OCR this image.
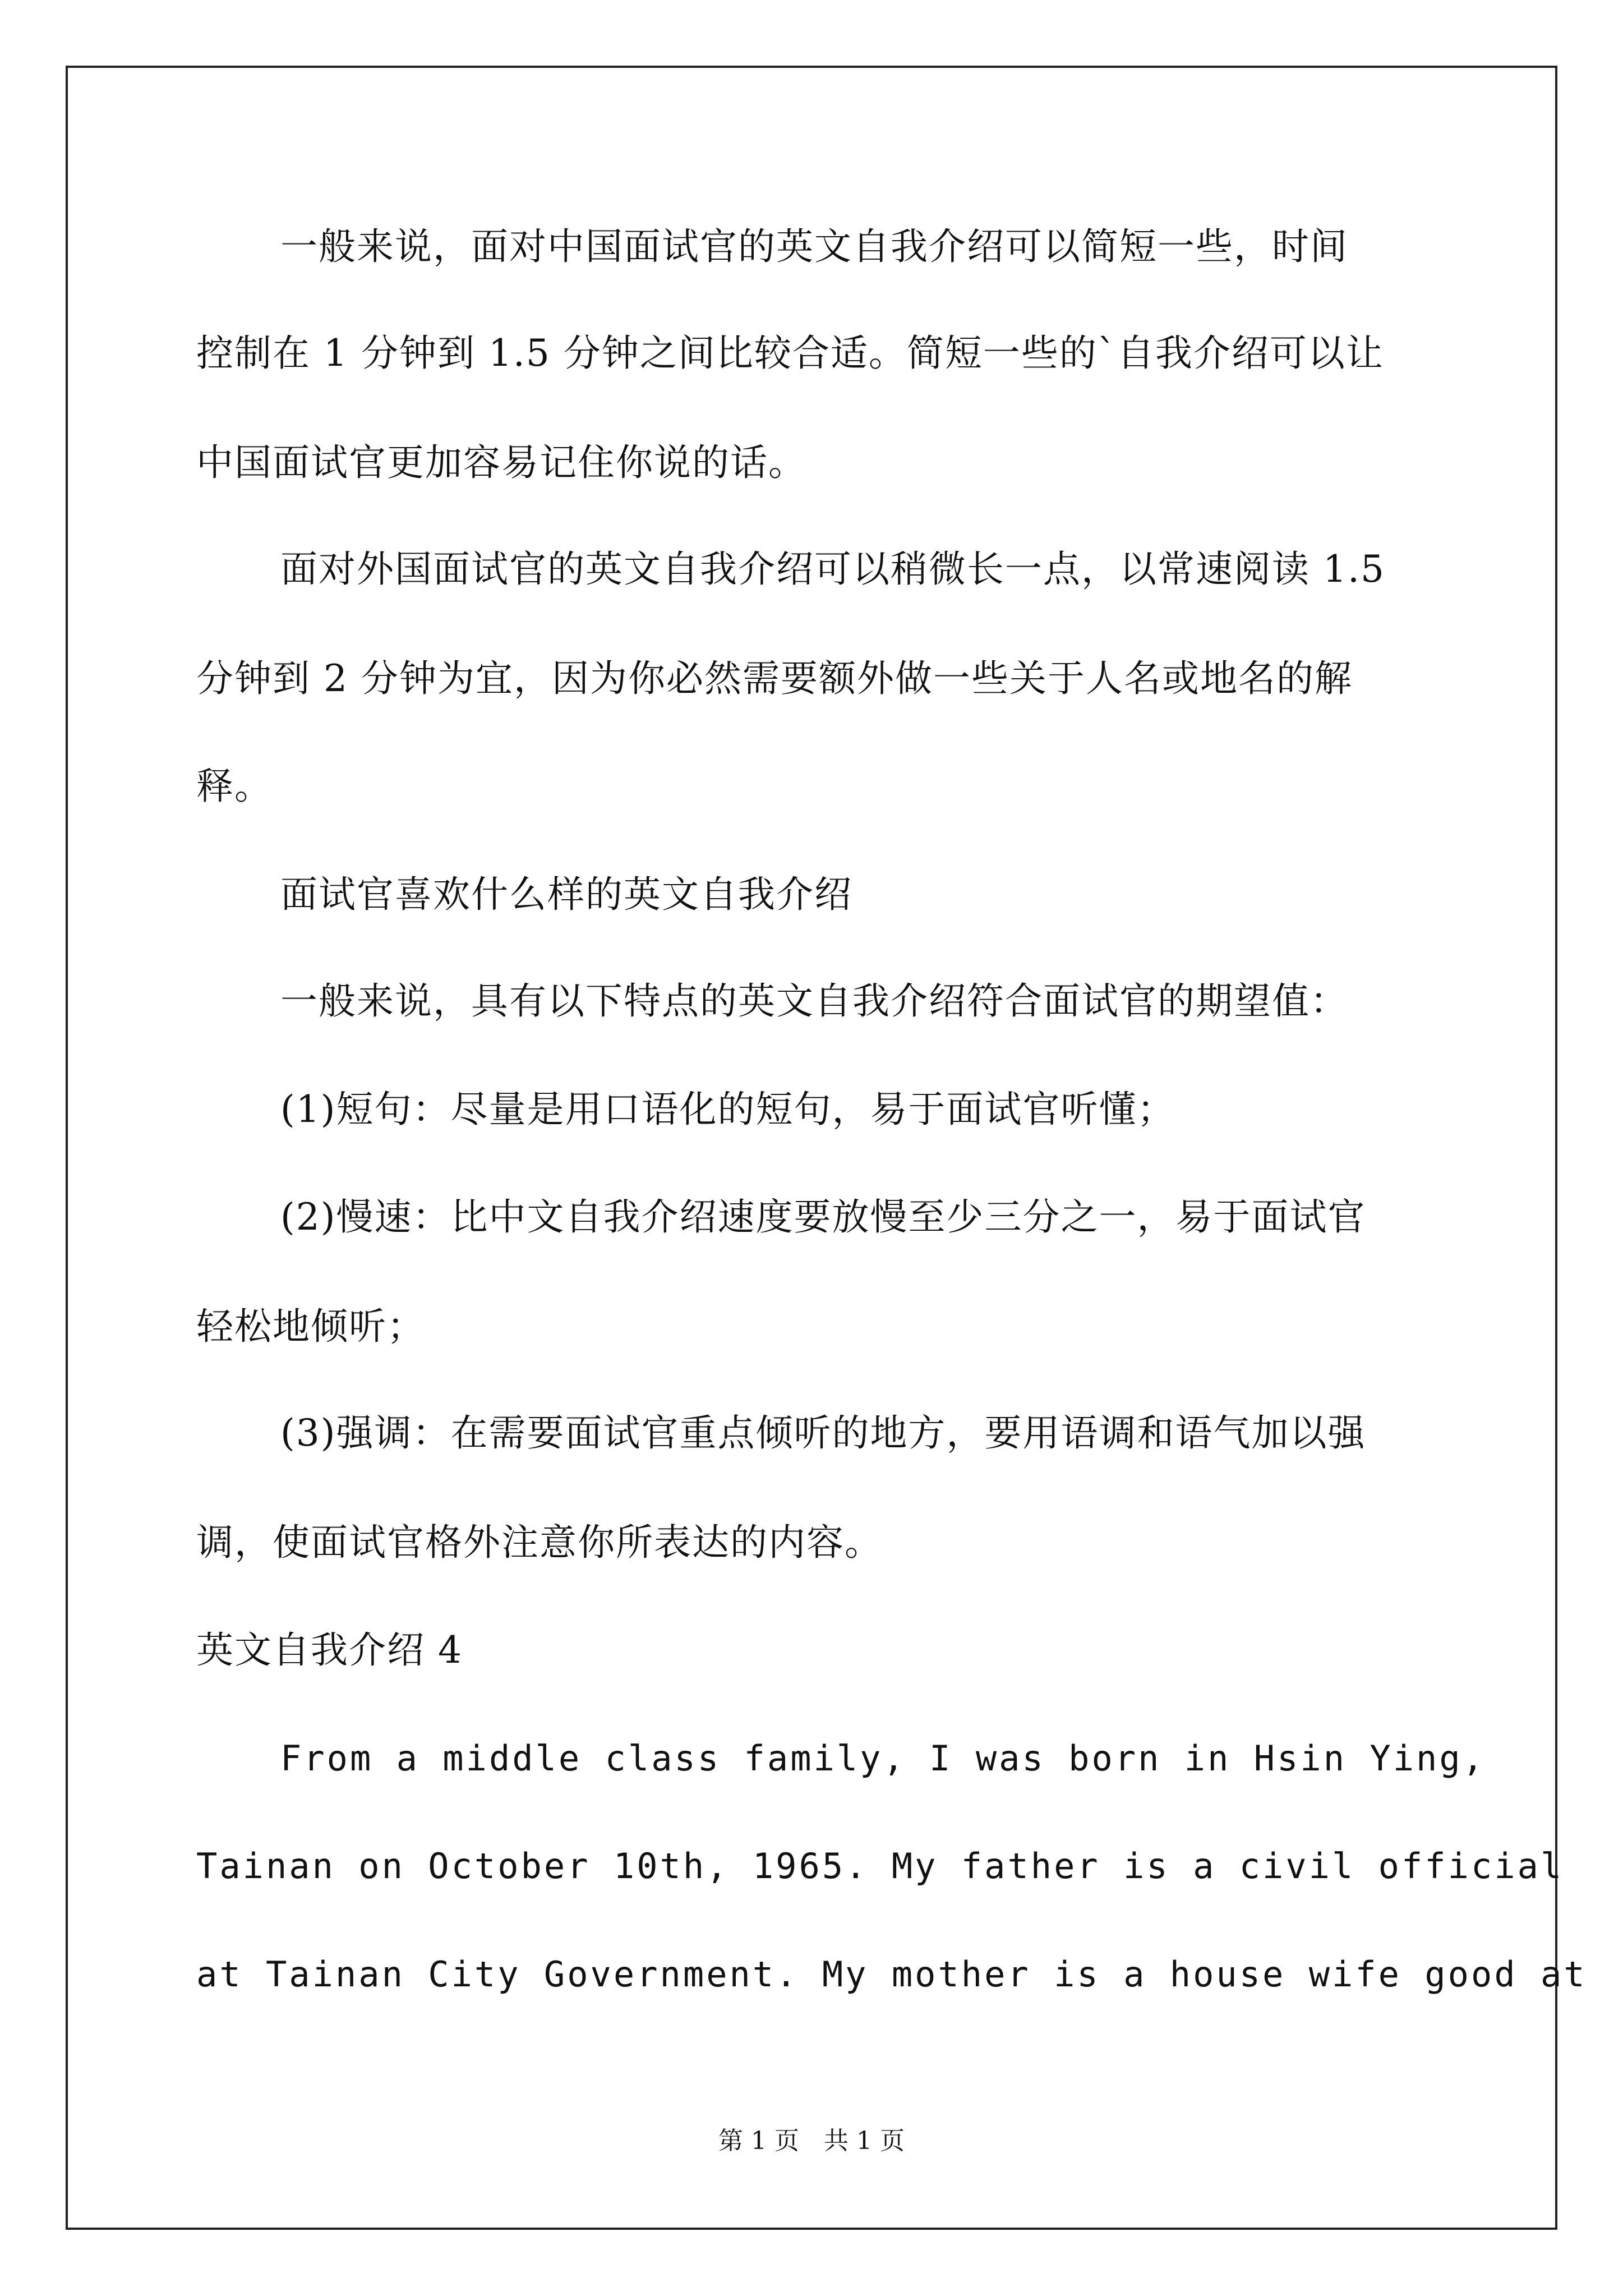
一般来说，面对中国面试官的英文自我介绍可以简短一些，时间
控制在 1 分钟到 1.5 分钟之间比较合适。简短一些的`自我介绍可以让
中国面试官更加容易记住你说的话。
面对外国面试官的英文自我介绍可以稍微长一点，以常速阅读 1.5
分钟到 2 分钟为宜，因为你必然需要额外做一些关于人名或地名的解
释。
面试官喜欢什么样的英文自我介绍
一般来说，具有以下特点的英文自我介绍符合面试官的期望值：
(1)短句：尽量是用口语化的短句，易于面试官听懂；
(2)慢速：比中文自我介绍速度要放慢至少三分之一，易于面试官
轻松地倾听；
(3)强调：在需要面试官重点倾听的地方，要用语调和语气加以强
调，使面试官格外注意你所表达的内容。
英文自我介绍 4
From a middle class family, I was born in Hsin Ying,
Tainan on October 10th, 1965. My father is a civil official
at Tainan City Government. My mother is a house wife good at
第 1 页　共 1 页
